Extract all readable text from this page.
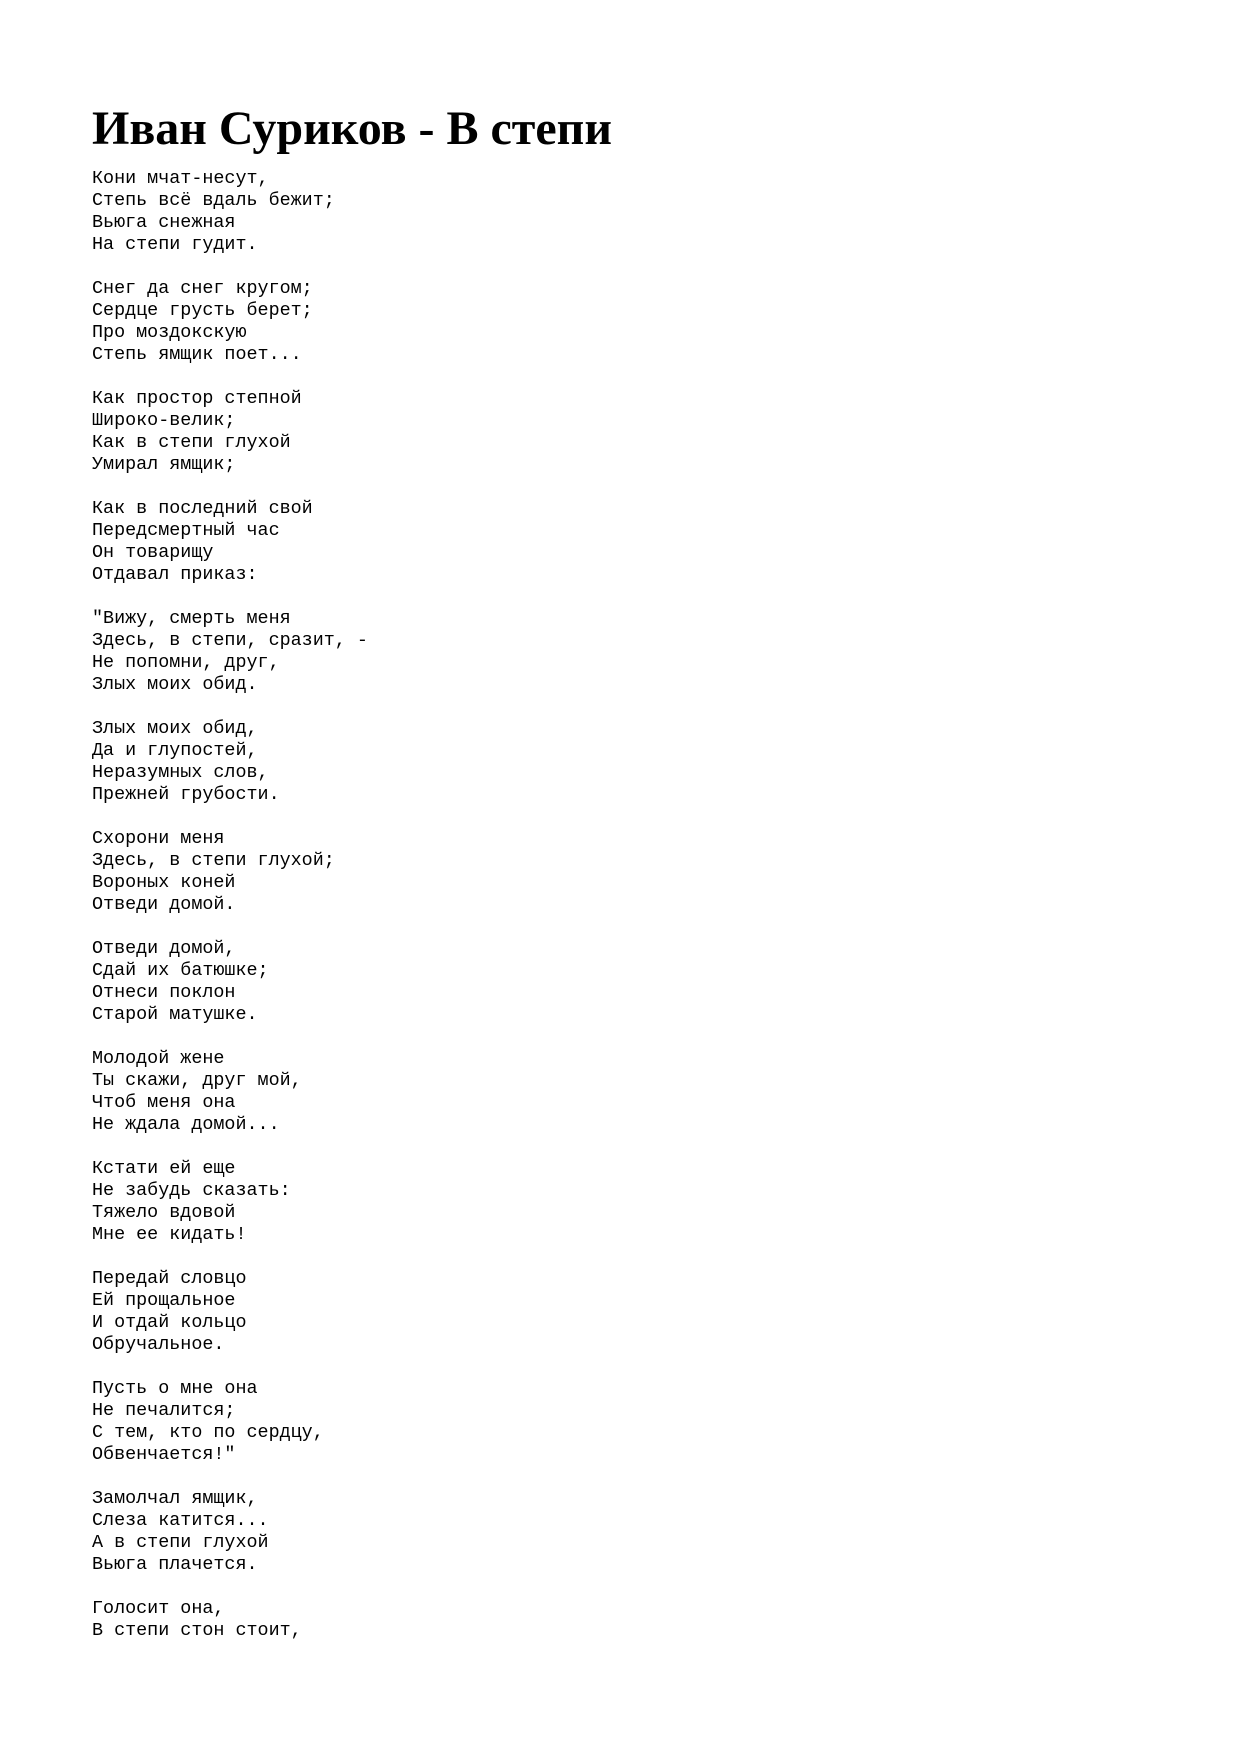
Иван Суриков - В степи
Кони мчат-несут,
Степь всё вдаль бежит;
Вьюга снежная
На степи гудит.
Снег да снег кругом;
Сердце грусть берет;
Про моздокскую
Степь ямщик поет...
Как простор степной
Широко-велик;
Как в степи глухой
Умирал ямщик;
Как в последний свой
Передсмертный час
Он товарищу
Отдавал приказ:
"Вижу, смерть меня
Здесь, в степи, сразит, -
Не попомни, друг,
Злых моих обид.
Злых моих обид,
Да и глупостей,
Неразумных слов,
Прежней грубости.
Схорони меня
Здесь, в степи глухой;
Вороных коней
Отведи домой.
Отведи домой,
Сдай их батюшке;
Отнеси поклон
Старой матушке.
Молодой жене
Ты скажи, друг мой,
Чтоб меня она
Не ждала домой...
Кстати ей еще
Не забудь сказать:
Тяжело вдовой
Мне ее кидать!
Передай словцо
Ей прощальное
И отдай кольцо
Обручальное.
Пусть о мне она
Не печалится;
С тем, кто по сердцу,
Обвенчается!"
Замолчал ямщик,
Слеза катится...
А в степи глухой
Вьюга плачется.
Голосит она,
В степи стон стоит,
